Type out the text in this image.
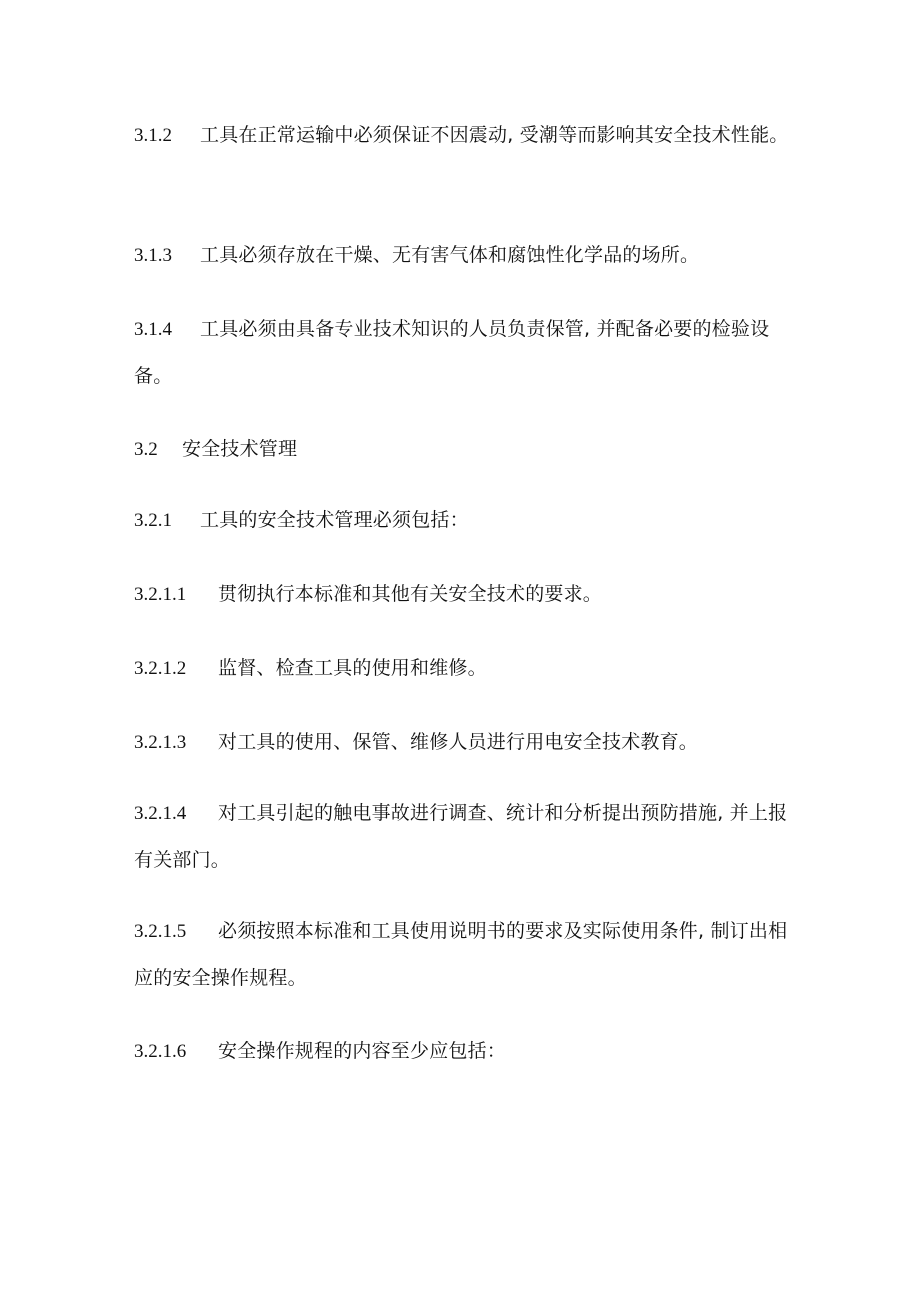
3.1.2 工具在正常运输中必须保证不因震动, 受潮等而影响其安全技术性能。

3.1.3 工具必须存放在干燥、无有害气体和腐蚀性化学品的场所。

3.1.4 工具必须由具备专业技术知识的人员负责保管, 并配备必要的检验设备。

3.2 安全技术管理

3.2.1 工具的安全技术管理必须包括：

3.2.1.1 贯彻执行本标准和其他有关安全技术的要求。

3.2.1.2 监督、检查工具的使用和维修。

3.2.1.3 对工具的使用、保管、维修人员进行用电安全技术教育。

3.2.1.4 对工具引起的触电事故进行调查、统计和分析提出预防措施, 并上报有关部门。

3.2.1.5 必须按照本标准和工具使用说明书的要求及实际使用条件, 制订出相应的安全操作规程。

3.2.1.6 安全操作规程的内容至少应包括：
